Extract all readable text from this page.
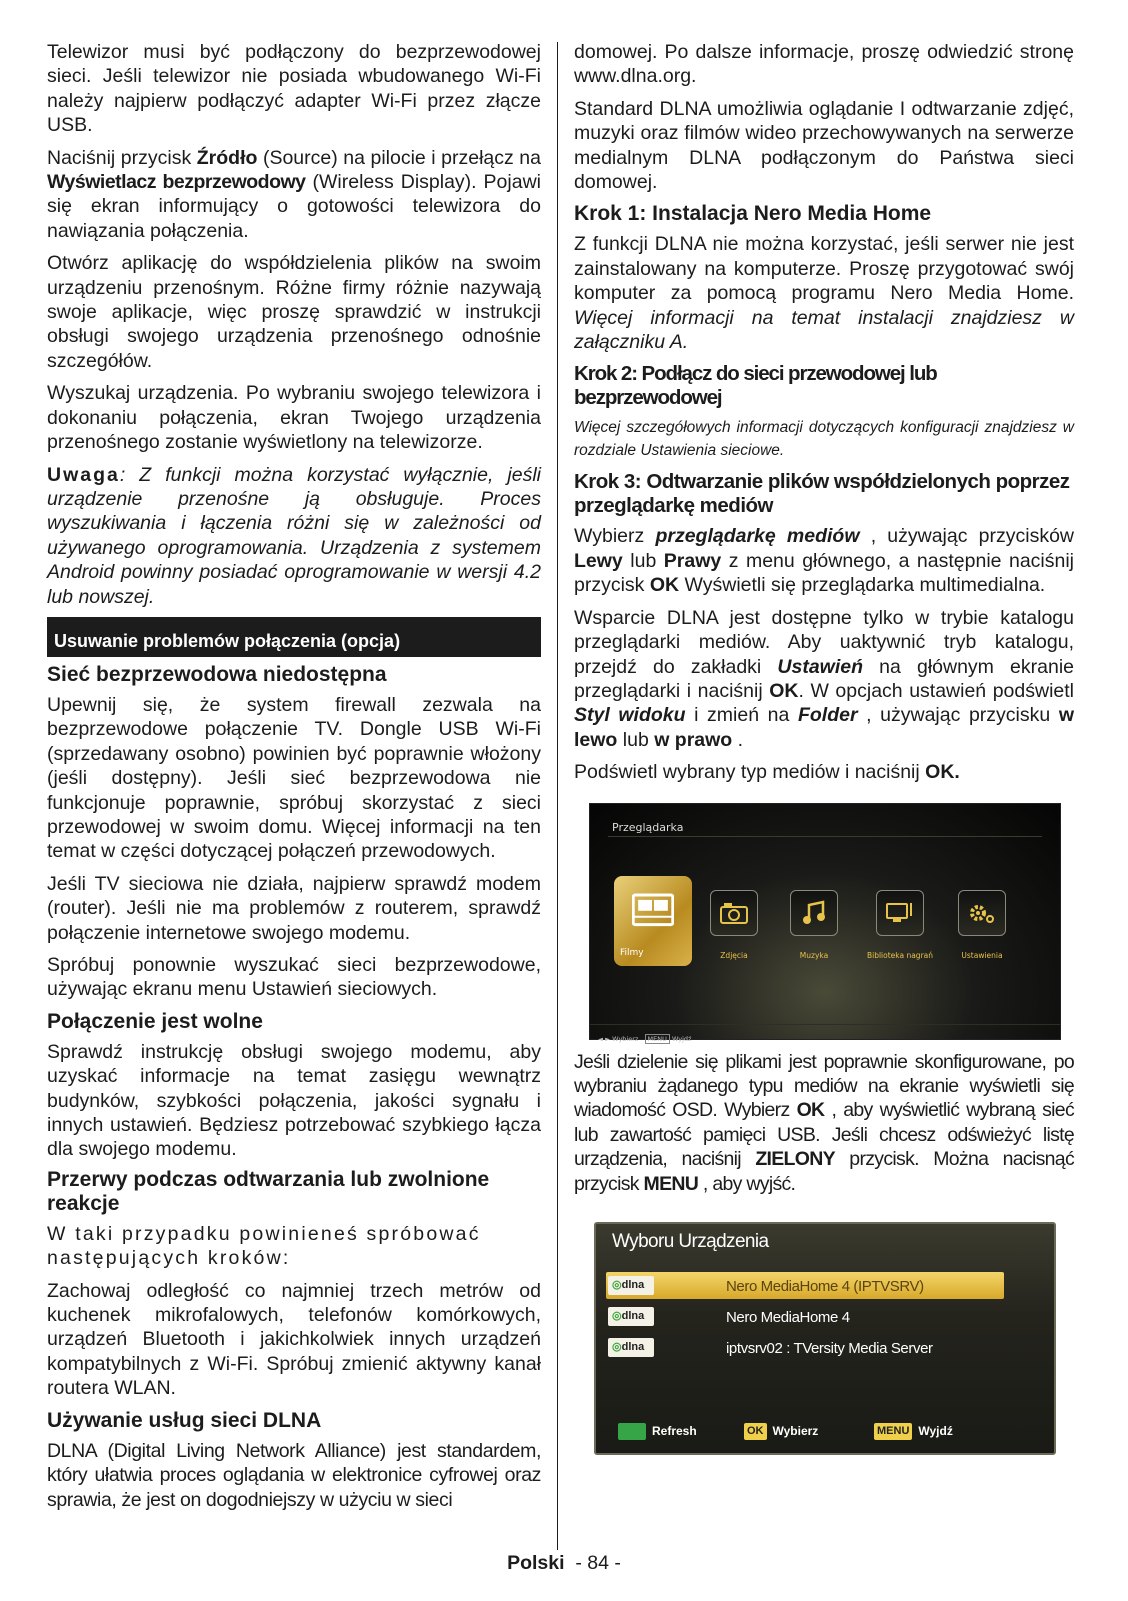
Telewizor musi być podłączony do bezprzewodowej sieci. Jeśli telewizor nie posiada wbudowanego Wi-Fi należy najpierw podłączyć adapter Wi-Fi przez złącze USB.

Naciśnij przycisk Źródło (Source) na pilocie i przełącz na Wyświetlacz bezprzewodowy (Wireless Display). Pojawi się ekran informujący o gotowości telewizora do nawiązania połączenia.

Otwórz aplikację do współdzielenia plików na swoim urządzeniu przenośnym. Różne firmy różnie nazywają swoje aplikacje, więc proszę sprawdzić w instrukcji obsługi swojego urządzenia przenośnego odnośnie szczegółów.

Wyszukaj urządzenia. Po wybraniu swojego telewizora i dokonaniu połączenia, ekran Twojego urządzenia przenośnego zostanie wyświetlony na telewizorze.

Uwaga: Z funkcji można korzystać wyłącznie, jeśli urządzenie przenośne ją obsługuje. Proces wyszukiwania i łączenia różni się w zależności od używanego oprogramowania. Urządzenia z systemem Android powinny posiadać oprogramowanie w wersji 4.2 lub nowszej.

Usuwanie problemów połączenia (opcja)
Sieć bezprzewodowa niedostępna

Upewnij się, że system firewall zezwala na bezprzewodowe połączenie TV. Dongle USB Wi-Fi (sprzedawany osobno) powinien być poprawnie włożony (jeśli dostępny). Jeśli sieć bezprzewodowa nie funkcjonuje poprawnie, spróbuj skorzystać z sieci przewodowej w swoim domu. Więcej informacji na ten temat w części dotyczącej połączeń przewodowych.

Jeśli TV sieciowa nie działa, najpierw sprawdź modem (router). Jeśli nie ma problemów z routerem, sprawdź połączenie internetowe swojego modemu.

Spróbuj ponownie wyszukać sieci bezprzewodowe, używając ekranu menu Ustawień sieciowych.

Połączenie jest wolne

Sprawdź instrukcję obsługi swojego modemu, aby uzyskać informacje na temat zasięgu wewnątrz budynków, szybkości połączenia, jakości sygnału i innych ustawień. Będziesz potrzebować szybkiego łącza dla swojego modemu.

Przerwy podczas odtwarzania lub zwolnione reakcje

W taki przypadku powinieneś spróbować następujących kroków:

Zachowaj odległość co najmniej trzech metrów od kuchenek mikrofalowych, telefonów komórkowych, urządzeń Bluetooth i jakichkolwiek innych urządzeń kompatybilnych z Wi-Fi. Spróbuj zmienić aktywny kanał routera WLAN.

Używanie usług sieci DLNA

DLNA (Digital Living Network Alliance) jest standardem, który ułatwia proces oglądania w elektronice cyfrowej oraz sprawia, że jest on dogodniejszy w użyciu w sieci

domowej. Po dalsze informacje, proszę odwiedzić stronę www.dlna.org.

Standard DLNA umożliwia oglądanie I odtwarzanie zdjęć, muzyki oraz filmów wideo przechowywanych na serwerze medialnym DLNA podłączonym do Państwa sieci domowej.

Krok 1: Instalacja Nero Media Home

Z funkcji DLNA nie można korzystać, jeśli serwer nie jest zainstalowany na komputerze. Proszę przygotować swój komputer za pomocą programu Nero Media Home. Więcej informacji na temat instalacji znajdziesz w załączniku A.

Krok 2: Podłącz do sieci przewodowej lub bezprzewodowej

Więcej szczegółowych informacji dotyczących konfiguracji znajdziesz w rozdziale Ustawienia sieciowe.

Krok 3: Odtwarzanie plików współdzielonych poprzez przeglądarkę mediów

Wybierz przeglądarkę mediów , używając przycisków Lewy lub Prawy z menu głównego, a następnie naciśnij przycisk OK Wyświetli się przeglądarka multimedialna.

Wsparcie DLNA jest dostępne tylko w trybie katalogu przeglądarki mediów. Aby uaktywnić tryb katalogu, przejdź do zakładki Ustawień na głównym ekranie przeglądarki i naciśnij OK. W opcjach ustawień podświetl Styl widoku i zmień na Folder , używając przycisku w lewo lub w prawo .

Podświetl wybrany typ mediów i naciśnij OK.

Przeglądarka
Filmy	Zdjęcia	Muzyka	Biblioteka nagrań	Ustawienia
◄ ► Wybierz MENU Wyjdź

Jeśli dzielenie się plikami jest poprawnie skonfigurowane, po wybraniu żądanego typu mediów na ekranie wyświetli się wiadomość OSD. Wybierz OK , aby wyświetlić wybraną sieć lub zawartość pamięci USB. Jeśli chcesz odświeżyć listę urządzenia, naciśnij ZIELONY przycisk. Można nacisnąć przycisk MENU , aby wyjść.

Wyboru Urządzenia
◎dlna	Nero MediaHome 4 (IPTVSRV)
◎dlna	Nero MediaHome 4
◎dlna	iptvsrv02 : TVersity Media Server
Refresh	OK Wybierz	MENU Wyjdź
Polski - 84 -
